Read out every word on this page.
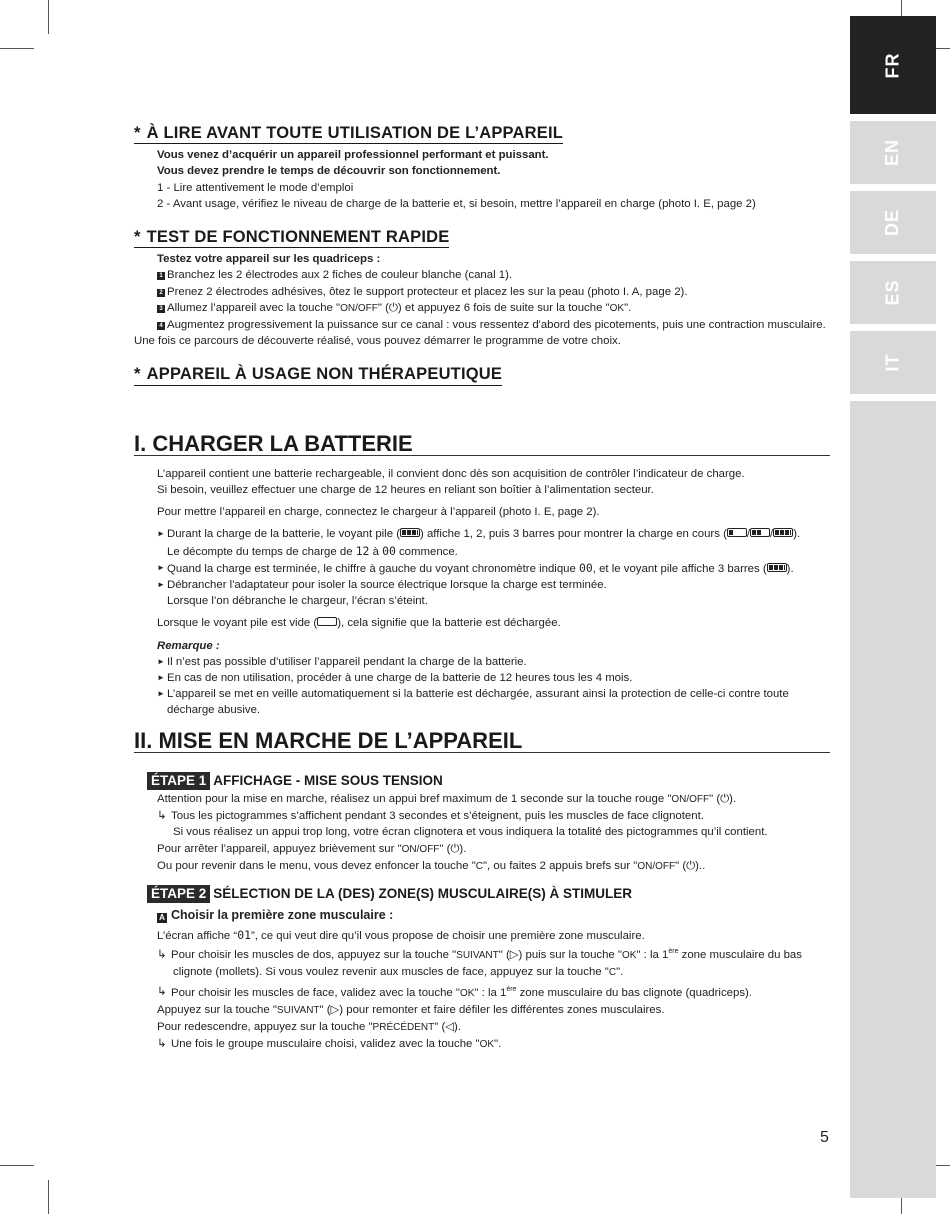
FR
EN
DE
ES
IT
* À LIRE AVANT TOUTE UTILISATION DE L’APPAREIL

Vous venez d’acquérir un appareil professionnel performant et puissant.

Vous devez prendre le temps de découvrir son fonctionnement.

1 - Lire attentivement le mode d’emploi

2 - Avant usage, vérifiez le niveau de charge de la batterie et, si besoin, mettre l’appareil en charge (photo I. E, page 2)

* TEST DE FONCTIONNEMENT RAPIDE

Testez votre appareil sur les quadriceps :

1 Branchez les 2 électrodes aux 2 fiches de couleur blanche (canal 1).

2 Prenez 2 électrodes adhésives, ôtez le support protecteur et placez les sur la peau (photo I. A, page 2).

3 Allumez l’appareil avec la touche "ON/OFF" (⏻) et appuyez 6 fois de suite sur la touche "OK".

4 Augmentez progressivement la puissance sur ce canal : vous ressentez d'abord des picotements, puis une contraction musculaire.

Une fois ce parcours de découverte réalisé, vous pouvez démarrer le programme de votre choix.

* APPAREIL À USAGE NON THÉRAPEUTIQUE
I. CHARGER LA BATTERIE

L’appareil contient une batterie rechargeable, il convient donc dès son acquisition de contrôler l’indicateur de charge.

Si besoin, veuillez effectuer une charge de 12 heures en reliant son boîtier à l’alimentation secteur.

Pour mettre l’appareil en charge, connectez le chargeur à l’appareil (photo I. E, page 2).

► Durant la charge de la batterie, le voyant pile ( ) affiche 1, 2, puis 3 barres pour montrer la charge en cours ( / / ).

Le décompte du temps de charge de 12 à 00 commence.

► Quand la charge est terminée, le chiffre à gauche du voyant chronomètre indique 00, et le voyant pile affiche 3 barres ( ).

► Débrancher l'adaptateur pour isoler la source électrique lorsque la charge est terminée.

Lorsque l’on débranche le chargeur, l’écran s’éteint.

Lorsque le voyant pile est vide ( ), cela signifie que la batterie est déchargée.

Remarque :

► Il n’est pas possible d’utiliser l’appareil pendant la charge de la batterie.

► En cas de non utilisation, procéder à une charge de la batterie de 12 heures tous les 4 mois.

► L’appareil se met en veille automatiquement si la batterie est déchargée, assurant ainsi la protection de celle-ci contre toute

décharge abusive.

II. MISE EN MARCHE DE L’APPAREIL
ÉTAPE 1 AFFICHAGE - MISE SOUS TENSION

Attention pour la mise en marche, réalisez un appui bref maximum de 1 seconde sur la touche rouge "ON/OFF" (⏻).

↳ Tous les pictogrammes s’affichent pendant 3 secondes et s’éteignent, puis les muscles de face clignotent.

Si vous réalisez un appui trop long, votre écran clignotera et vous indiquera la totalité des pictogrammes qu’il contient.

Pour arrêter l’appareil, appuyez brièvement sur "ON/OFF" (⏻).

Ou pour revenir dans le menu, vous devez enfoncer la touche "C", ou faites 2 appuis brefs sur "ON/OFF" (⏻)..

ÉTAPE 2 SÉLECTION DE LA (DES) ZONE(S) MUSCULAIRE(S) À STIMULER
A Choisir la première zone musculaire :

L’écran affiche “01”, ce qui veut dire qu’il vous propose de choisir une première zone musculaire.

↳ Pour choisir les muscles de dos, appuyez sur la touche "SUIVANT" (▷) puis sur la touche "OK" : la 1ère zone musculaire du bas

clignote (mollets). Si vous voulez revenir aux muscles de face, appuyez sur la touche "C".

↳ Pour choisir les muscles de face, validez avec la touche "OK" : la 1ère zone musculaire du bas clignote (quadriceps).

Appuyez sur la touche "SUIVANT" (▷) pour remonter et faire défiler les différentes zones musculaires.

Pour redescendre, appuyez sur la touche "PRÉCÉDENT" (◁).

↳ Une fois le groupe musculaire choisi, validez avec la touche "OK".

5
